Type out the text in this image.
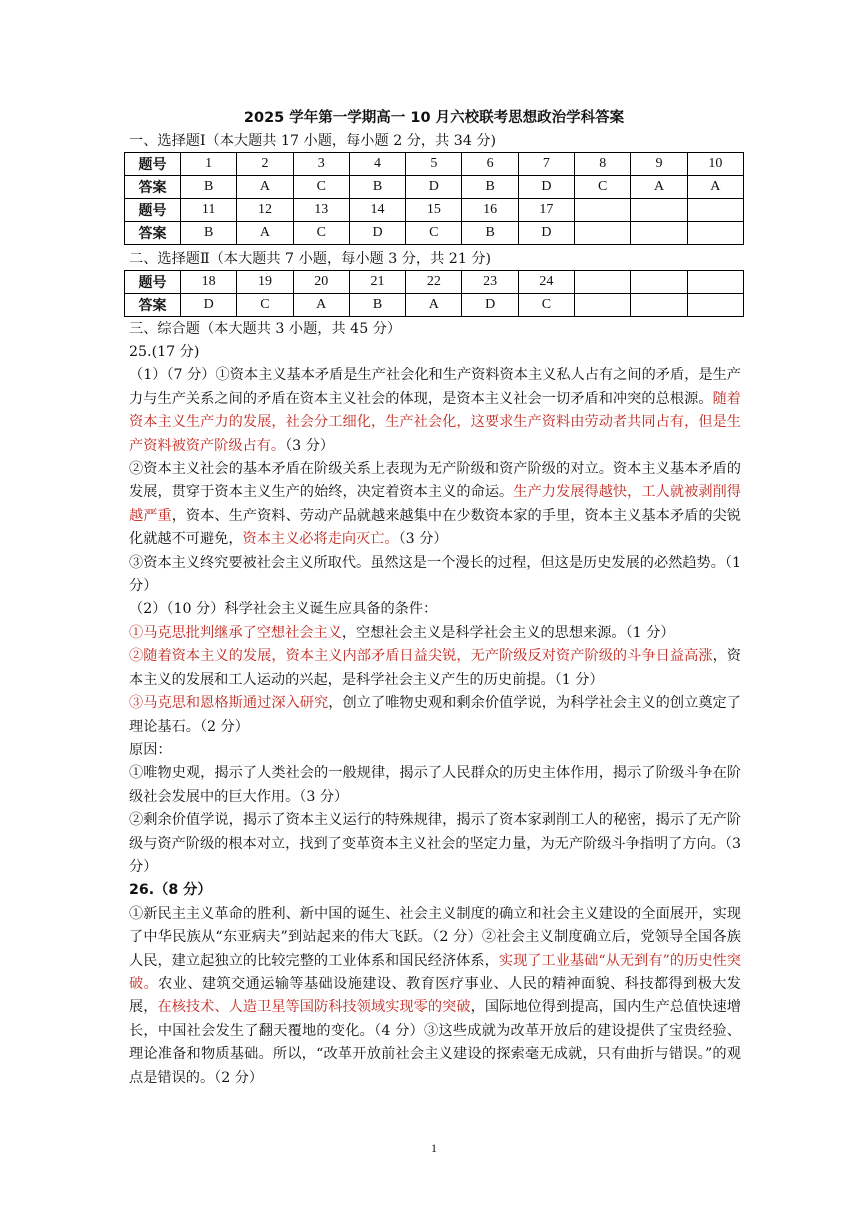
2025 学年第一学期高一 10 月六校联考思想政治学科答案
一、选择题Ⅰ（本大题共 17 小题，每小题 2 分，共 34 分)
题号	1	2	3	4	5	6	7	8	9	10
答案	B	A	C	B	D	B	D	C	A	A
题号	11	12	13	14	15	16	17			
答案	B	A	C	D	C	B	D			
二、选择题Ⅱ（本大题共 7 小题，每小题 3 分，共 21 分)
题号	18	19	20	21	22	23	24			
答案	D	C	A	B	A	D	C			
三、综合题（本大题共 3 小题，共 45 分）

25.(17 分)

（1）（7 分）①资本主义基本矛盾是生产社会化和生产资料资本主义私人占有之间的矛盾，是生产力与生产关系之间的矛盾在资本主义社会的体现，是资本主义社会一切矛盾和冲突的总根源。随着资本主义生产力的发展，社会分工细化，生产社会化，这要求生产资料由劳动者共同占有，但是生产资料被资产阶级占有。（3 分）

②资本主义社会的基本矛盾在阶级关系上表现为无产阶级和资产阶级的对立。资本主义基本矛盾的发展，贯穿于资本主义生产的始终，决定着资本主义的命运。生产力发展得越快，工人就被剥削得越严重，资本、生产资料、劳动产品就越来越集中在少数资本家的手里，资本主义基本矛盾的尖锐化就越不可避免，资本主义必将走向灭亡。（3 分）

③资本主义终究要被社会主义所取代。虽然这是一个漫长的过程，但这是历史发展的必然趋势。（1 分）

（2）（10 分）科学社会主义诞生应具备的条件：

①马克思批判继承了空想社会主义，空想社会主义是科学社会主义的思想来源。（1 分）

②随着资本主义的发展，资本主义内部矛盾日益尖锐，无产阶级反对资产阶级的斗争日益高涨，资本主义的发展和工人运动的兴起，是科学社会主义产生的历史前提。（1 分）

③马克思和恩格斯通过深入研究，创立了唯物史观和剩余价值学说，为科学社会主义的创立奠定了理论基石。（2 分）

原因：

①唯物史观，揭示了人类社会的一般规律，揭示了人民群众的历史主体作用，揭示了阶级斗争在阶级社会发展中的巨大作用。（3 分）

②剩余价值学说，揭示了资本主义运行的特殊规律，揭示了资本家剥削工人的秘密，揭示了无产阶级与资产阶级的根本对立，找到了变革资本主义社会的坚定力量，为无产阶级斗争指明了方向。（3 分）

26.（8 分）

①新民主主义革命的胜利、新中国的诞生、社会主义制度的确立和社会主义建设的全面展开，实现了中华民族从“东亚病夫”到站起来的伟大飞跃。（2 分）②社会主义制度确立后，党领导全国各族人民，建立起独立的比较完整的工业体系和国民经济体系，实现了工业基础“从无到有”的历史性突破。农业、建筑交通运输等基础设施建设、教育医疗事业、人民的精神面貌、科技都得到极大发展，在核技术、人造卫星等国防科技领域实现零的突破，国际地位得到提高，国内生产总值快速增长，中国社会发生了翻天覆地的变化。（4 分）③这些成就为改革开放后的建设提供了宝贵经验、理论准备和物质基础。所以，“改革开放前社会主义建设的探索毫无成就，只有曲折与错误。”的观点是错误的。（2 分）

1
